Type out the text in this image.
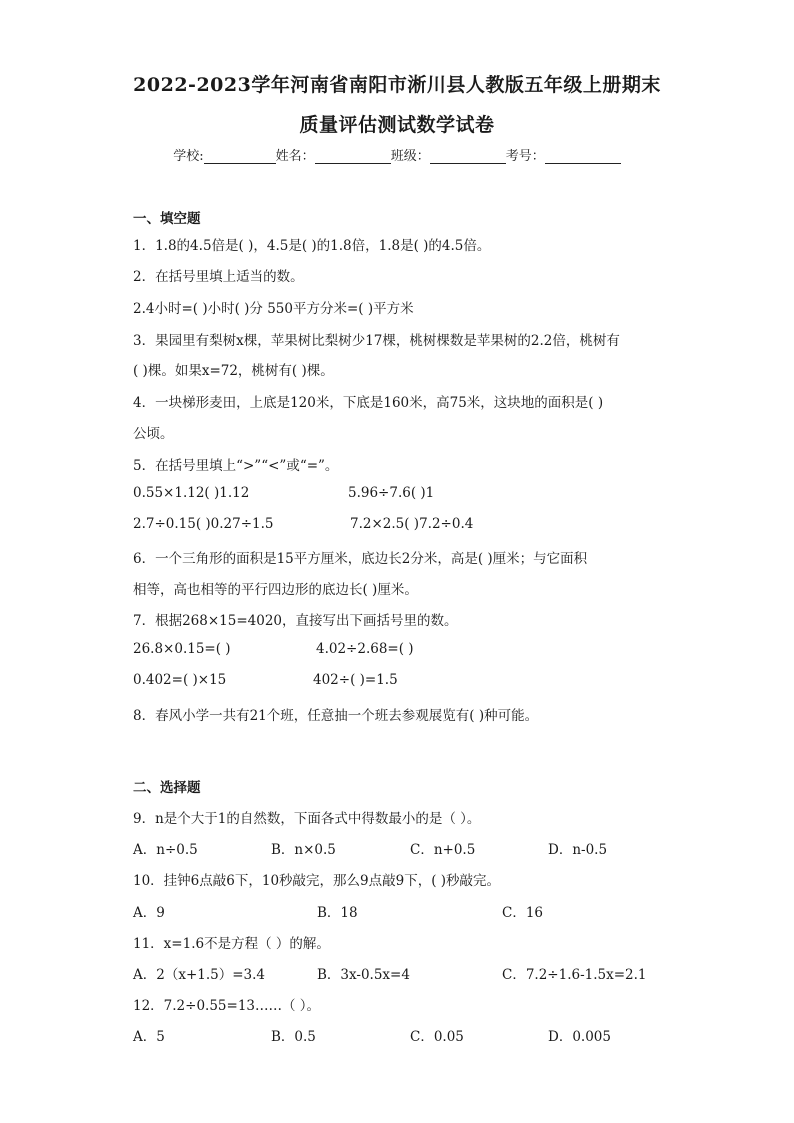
2022-2023学年河南省南阳市淅川县人教版五年级上册期末
质量评估测试数学试卷
学校:	姓名：	班级：	考号：
一、填空题
1．1.8的4.5倍是( )，4.5是( )的1.8倍，1.8是( )的4.5倍。
2．在括号里填上适当的数。
2.4小时=( )小时( )分 550平方分米=( )平方米
3．果园里有梨树x棵，苹果树比梨树少17棵，桃树棵数是苹果树的2.2倍，桃树有
( )棵。如果x=72，桃树有( )棵。
4．一块梯形麦田，上底是120米，下底是160米，高75米，这块地的面积是( )
公顷。
5．在括号里填上“>”“<”或“=”。
0.55×1.12( )1.12	5.96÷7.6( )1
2.7÷0.15( )0.27÷1.5	7.2×2.5( )7.2÷0.4
6．一个三角形的面积是15平方厘米，底边长2分米，高是( )厘米；与它面积
相等，高也相等的平行四边形的底边长( )厘米。
7．根据268×15=4020，直接写出下画括号里的数。
26.8×0.15=( )	4.02÷2.68=( )
0.402=( )×15	402÷( )=1.5
8．春风小学一共有21个班，任意抽一个班去参观展览有( )种可能。
二、选择题
9．n是个大于1的自然数，下面各式中得数最小的是（ ）。
A．n÷0.5	B．n×0.5	C．n+0.5	D．n-0.5
10．挂钟6点敲6下，10秒敲完，那么9点敲9下，( )秒敲完。
A．9	B．18	C．16
11．x=1.6不是方程（ ）的解。
A．2（x+1.5）=3.4	B．3x-0.5x=4	C．7.2÷1.6-1.5x=2.1
12．7.2÷0.55=13……（ ）。
A．5	B．0.5	C．0.05	D．0.005
